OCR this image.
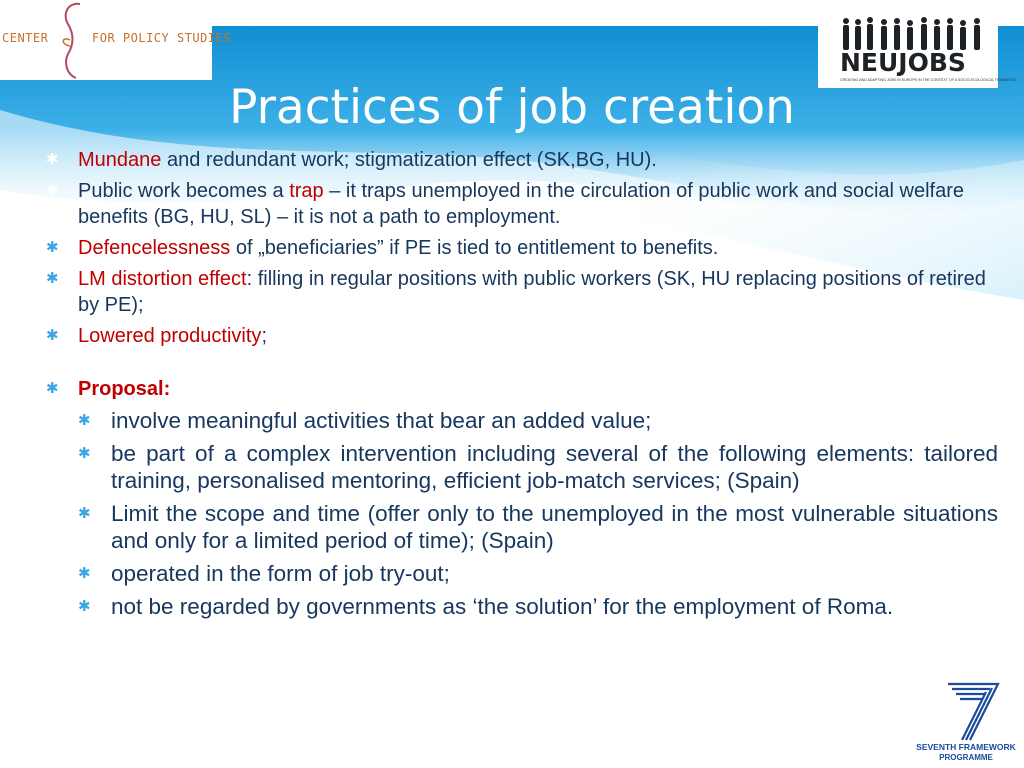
CENTER	FOR POLICY STUDIES
NEUJOBS
CREATING AND ADAPTING JOBS IN EUROPE IN THE CONTEXT OF A SOCIO-ECOLOGICAL TRANSITION
Practices of job creation
✱ Mundane and redundant work; stigmatization effect (SK,BG, HU).
✱ Public work becomes a trap – it traps unemployed in the circulation of public work and social welfare benefits (BG, HU, SL) – it is not a path to employment.
✱ Defencelessness of „beneficiaries” if PE is tied to entitlement to benefits.
✱ LM distortion effect: filling in regular positions with public workers (SK, HU replacing positions of retired by PE);
✱ Lowered productivity;
✱ Proposal:
✱ involve meaningful activities that bear an added value;
✱ be part of a complex intervention including several of the following elements: tailored training, personalised mentoring, efficient job-match services; (Spain)
✱ Limit the scope and time (offer only to the unemployed in the most vulnerable situations and only for a limited period of time); (Spain)
✱ operated in the form of job try-out;
✱ not be regarded by governments as ‘the solution’ for the employment of Roma.
SEVENTH FRAMEWORK
PROGRAMME
